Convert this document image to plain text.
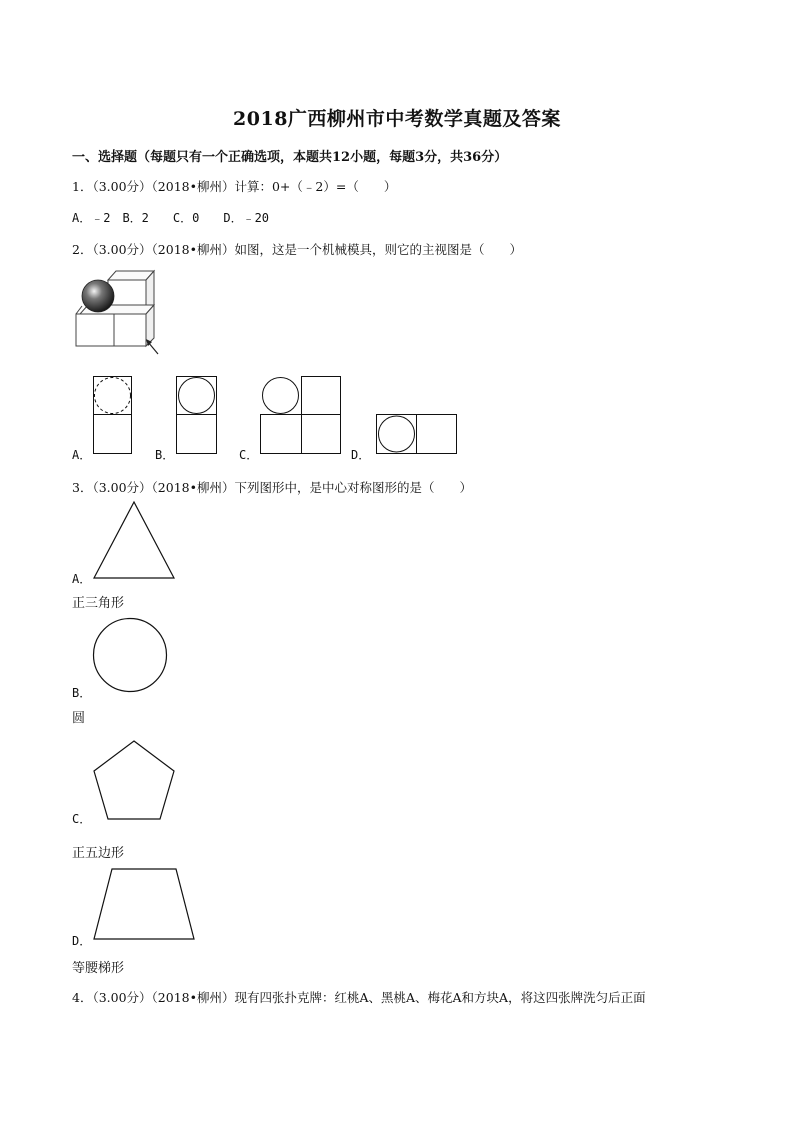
2018广西柳州市中考数学真题及答案
一、选择题（每题只有一个正确选项，本题共12小题，每题3分，共36分）
1．（3.00分）（2018•柳州）计算：0+（﹣2）=（　　）
A．﹣2　B．2　　C．0　　D．﹣20
2．（3.00分）（2018•柳州）如图，这是一个机械模具，则它的主视图是（　　）
A．	B．	C．	D．
3．（3.00分）（2018•柳州）下列图形中，是中心对称图形的是（　　）
A．
正三角形
B．
圆
C．
正五边形
D．
等腰梯形
4．（3.00分）（2018•柳州）现有四张扑克牌：红桃A、黑桃A、梅花A和方块A，将这四张牌洗匀后正面
